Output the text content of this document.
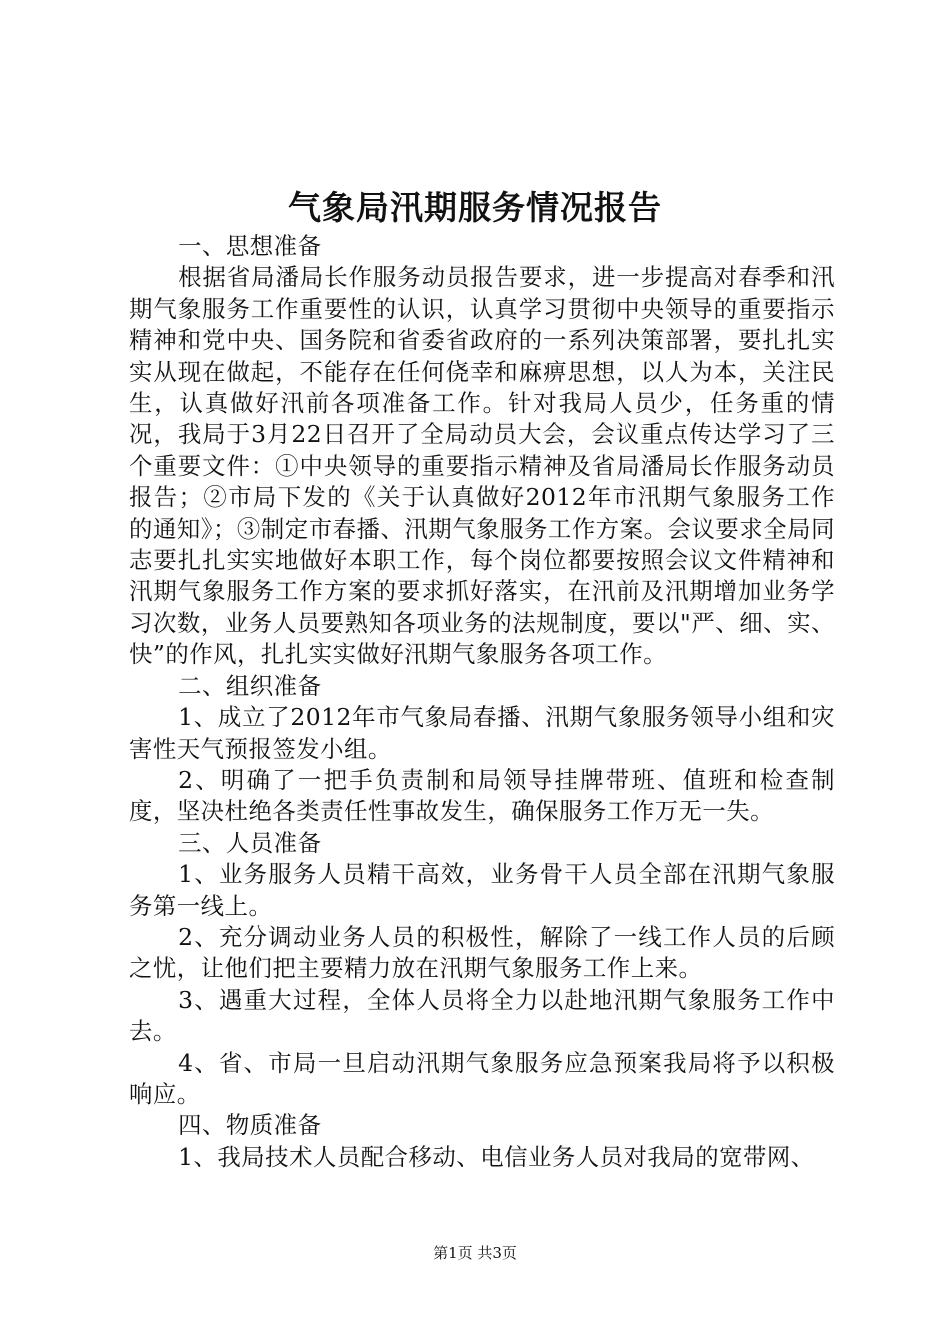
气象局汛期服务情况报告

一、思想准备

根据省局潘局长作服务动员报告要求，进一步提高对春季和汛期气象服务工作重要性的认识，认真学习贯彻中央领导的重要指示精神和党中央、国务院和省委省政府的一系列决策部署，要扎扎实实从现在做起，不能存在任何侥幸和麻痹思想，以人为本，关注民生，认真做好汛前各项准备工作。针对我局人员少，任务重的情况，我局于3月22日召开了全局动员大会，会议重点传达学习了三个重要文件：①中央领导的重要指示精神及省局潘局长作服务动员报告；②市局下发的《关于认真做好2012年市汛期气象服务工作的通知》；③制定市春播、汛期气象服务工作方案。会议要求全局同志要扎扎实实地做好本职工作，每个岗位都要按照会议文件精神和汛期气象服务工作方案的要求抓好落实，在汛前及汛期增加业务学习次数，业务人员要熟知各项业务的法规制度，要以"严、细、实、快”的作风，扎扎实实做好汛期气象服务各项工作。

二、组织准备

1、成立了2012年市气象局春播、汛期气象服务领导小组和灾害性天气预报签发小组。

2、明确了一把手负责制和局领导挂牌带班、值班和检查制度，坚决杜绝各类责任性事故发生，确保服务工作万无一失。

三、人员准备

1、业务服务人员精干高效，业务骨干人员全部在汛期气象服务第一线上。

2、充分调动业务人员的积极性，解除了一线工作人员的后顾之忧，让他们把主要精力放在汛期气象服务工作上来。

3、遇重大过程，全体人员将全力以赴地汛期气象服务工作中去。

4、省、市局一旦启动汛期气象服务应急预案我局将予以积极响应。

四、物质准备

1、我局技术人员配合移动、电信业务人员对我局的宽带网、

第1页 共3页
